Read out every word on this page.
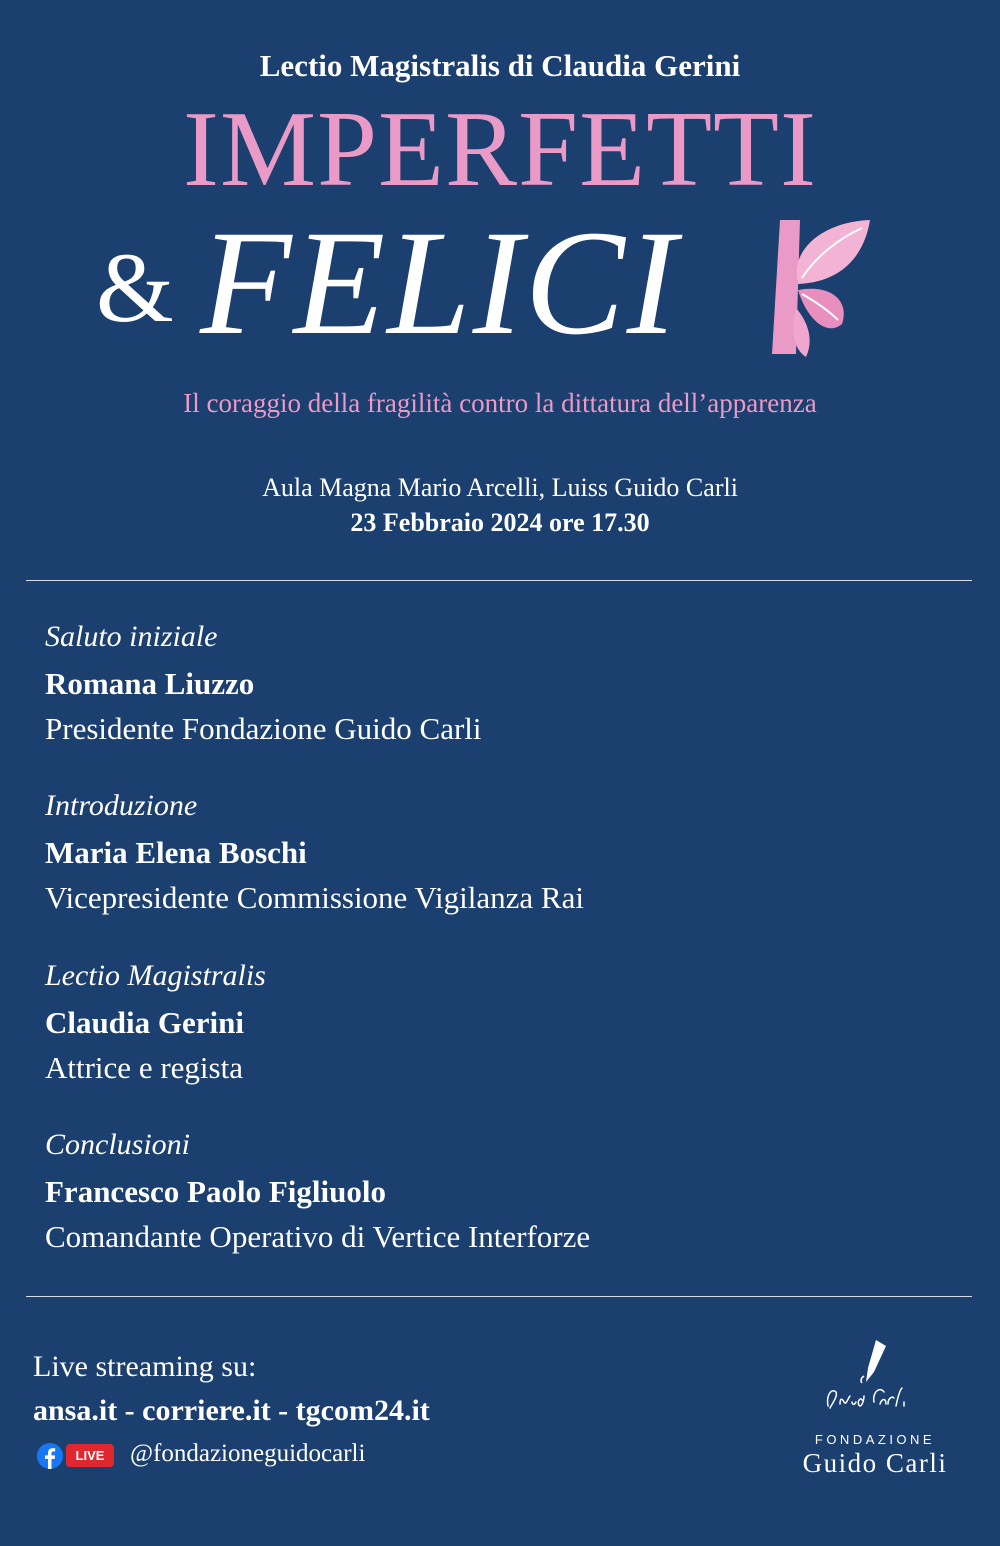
Lectio Magistralis di Claudia Gerini
IMPERFETTI
& FELICI
Il coraggio della fragilità contro la dittatura dell’apparenza
Aula Magna Mario Arcelli, Luiss Guido Carli
23 Febbraio 2024 ore 17.30
Saluto iniziale
Romana Liuzzo
Presidente Fondazione Guido Carli
Introduzione
Maria Elena Boschi
Vicepresidente Commissione Vigilanza Rai
Lectio Magistralis
Claudia Gerini
Attrice e regista
Conclusioni
Francesco Paolo Figliuolo
Comandante Operativo di Vertice Interforze
Live streaming su:
ansa.it - corriere.it - tgcom24.it
LIVE	@fondazioneguidocarli
FONDAZIONE
Guido Carli
